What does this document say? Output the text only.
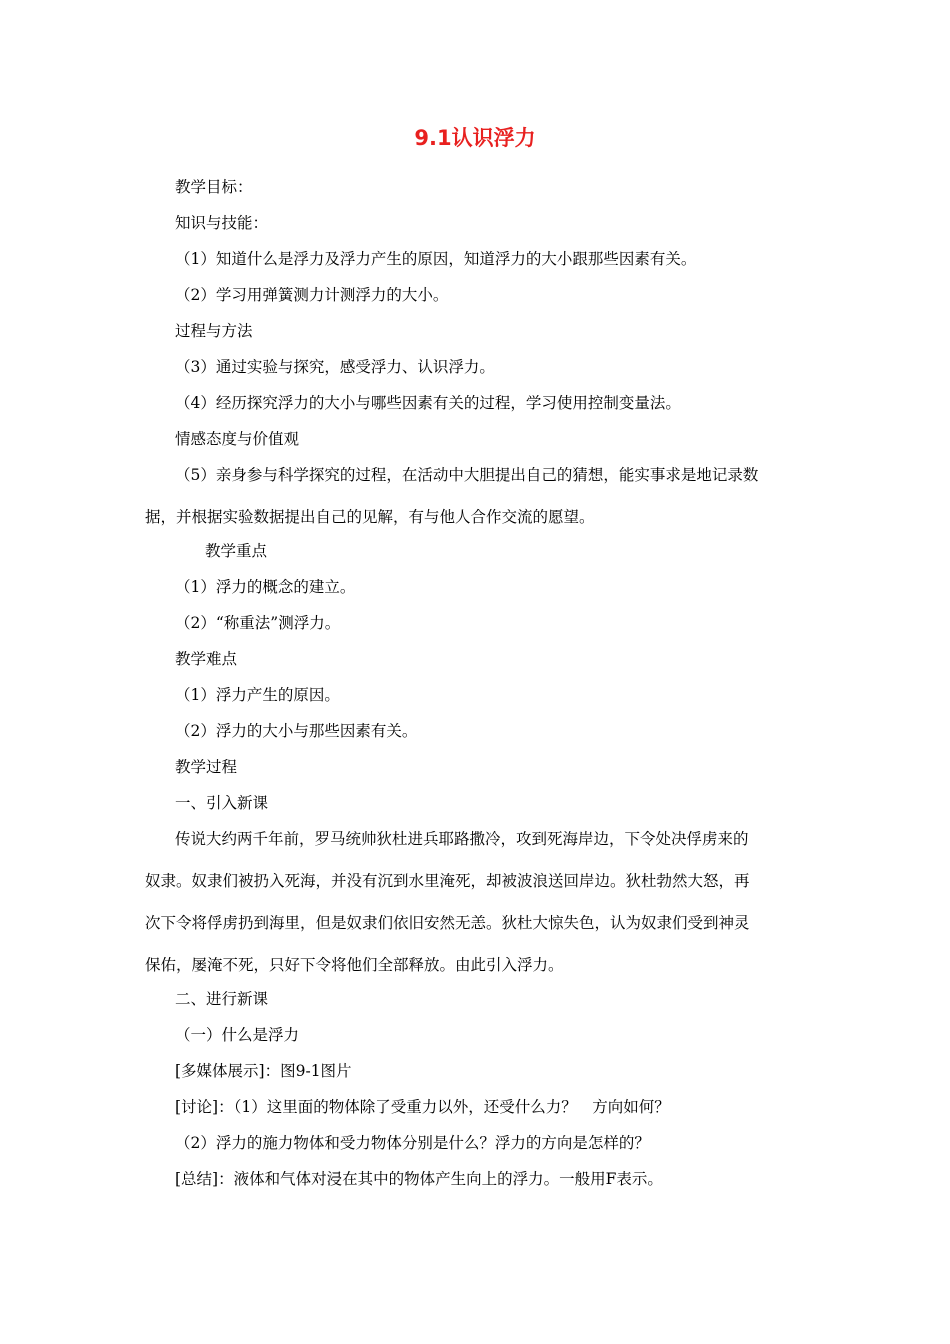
9.1认识浮力
教学目标：
知识与技能：
（1）知道什么是浮力及浮力产生的原因，知道浮力的大小跟那些因素有关。
（2）学习用弹簧测力计测浮力的大小。
过程与方法
（3）通过实验与探究，感受浮力、认识浮力。
（4）经历探究浮力的大小与哪些因素有关的过程，学习使用控制变量法。
情感态度与价值观
（5）亲身参与科学探究的过程，在活动中大胆提出自己的猜想，能实事求是地记录数
据，并根据实验数据提出自己的见解，有与他人合作交流的愿望。
教学重点
（1）浮力的概念的建立。
（2）“称重法”测浮力。
教学难点
（1）浮力产生的原因。
（2）浮力的大小与那些因素有关。
教学过程
一、引入新课
传说大约两千年前，罗马统帅狄杜进兵耶路撒冷，攻到死海岸边，下令处决俘虏来的
奴隶。奴隶们被扔入死海，并没有沉到水里淹死，却被波浪送回岸边。狄杜勃然大怒，再
次下令将俘虏扔到海里，但是奴隶们依旧安然无恙。狄杜大惊失色，认为奴隶们受到神灵
保佑，屡淹不死，只好下令将他们全部释放。由此引入浮力。
二、进行新课
（一）什么是浮力
[多媒体展示]：图9-1图片
[讨论]：（1）这里面的物体除了受重力以外，还受什么力？　方向如何？
（2）浮力的施力物体和受力物体分别是什么？浮力的方向是怎样的？
[总结]：液体和气体对浸在其中的物体产生向上的浮力。一般用F表示。
